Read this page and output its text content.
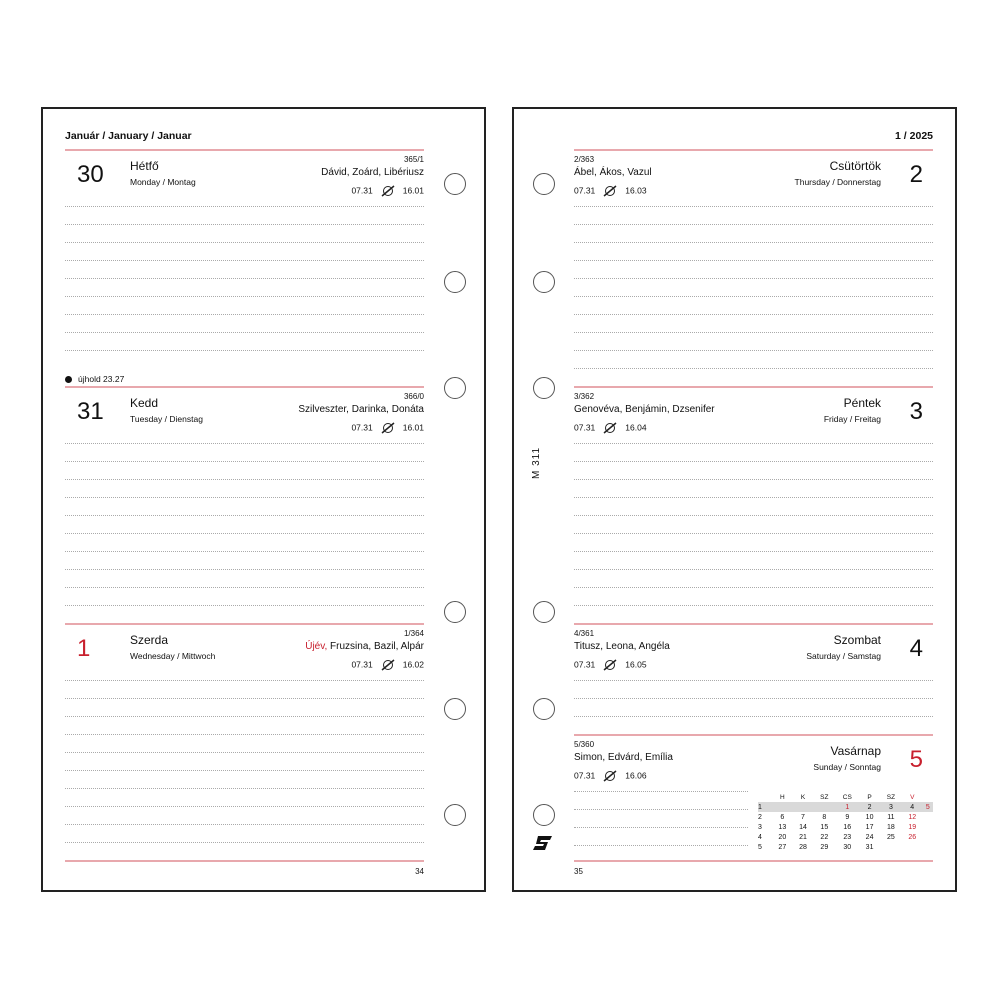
Január / January / Januar
30 Hétfő
Monday / Montag
365/1
Dávid, Zoárd, Libériusz
07.31	16.01
újhold 23.27
31 Kedd
Tuesday / Dienstag
366/0
Szilveszter, Darinka, Donáta
07.31	16.01
1	Szerda
Wednesday / Mittwoch
1/364
Újév, Fruzsina, Bazil, Alpár
07.31	16.02
34
1 / 2025
2
Csütörtök
Thursday / Donnerstag
2/363
Ábel, Ákos, Vazul
07.31	16.03
3
Péntek
Friday / Freitag
3/362
Genovéva, Benjámin, Dzsenifer
07.31	16.04
4
Szombat
Saturday / Samstag
4/361
Titusz, Leona, Angéla
07.31	16.05
5
Vasárnap
Sunday / Sonntag
5/360
Simon, Edvárd, Emília
07.31	16.06
	H	K	SZ	CS	P	SZ	V	
1				1	2	3	4	5
2	6	7	8	9	10	11	12	
3	13	14	15	16	17	18	19	
4	20	21	22	23	24	25	26	
5	27	28	29	30	31			
35
M 311
